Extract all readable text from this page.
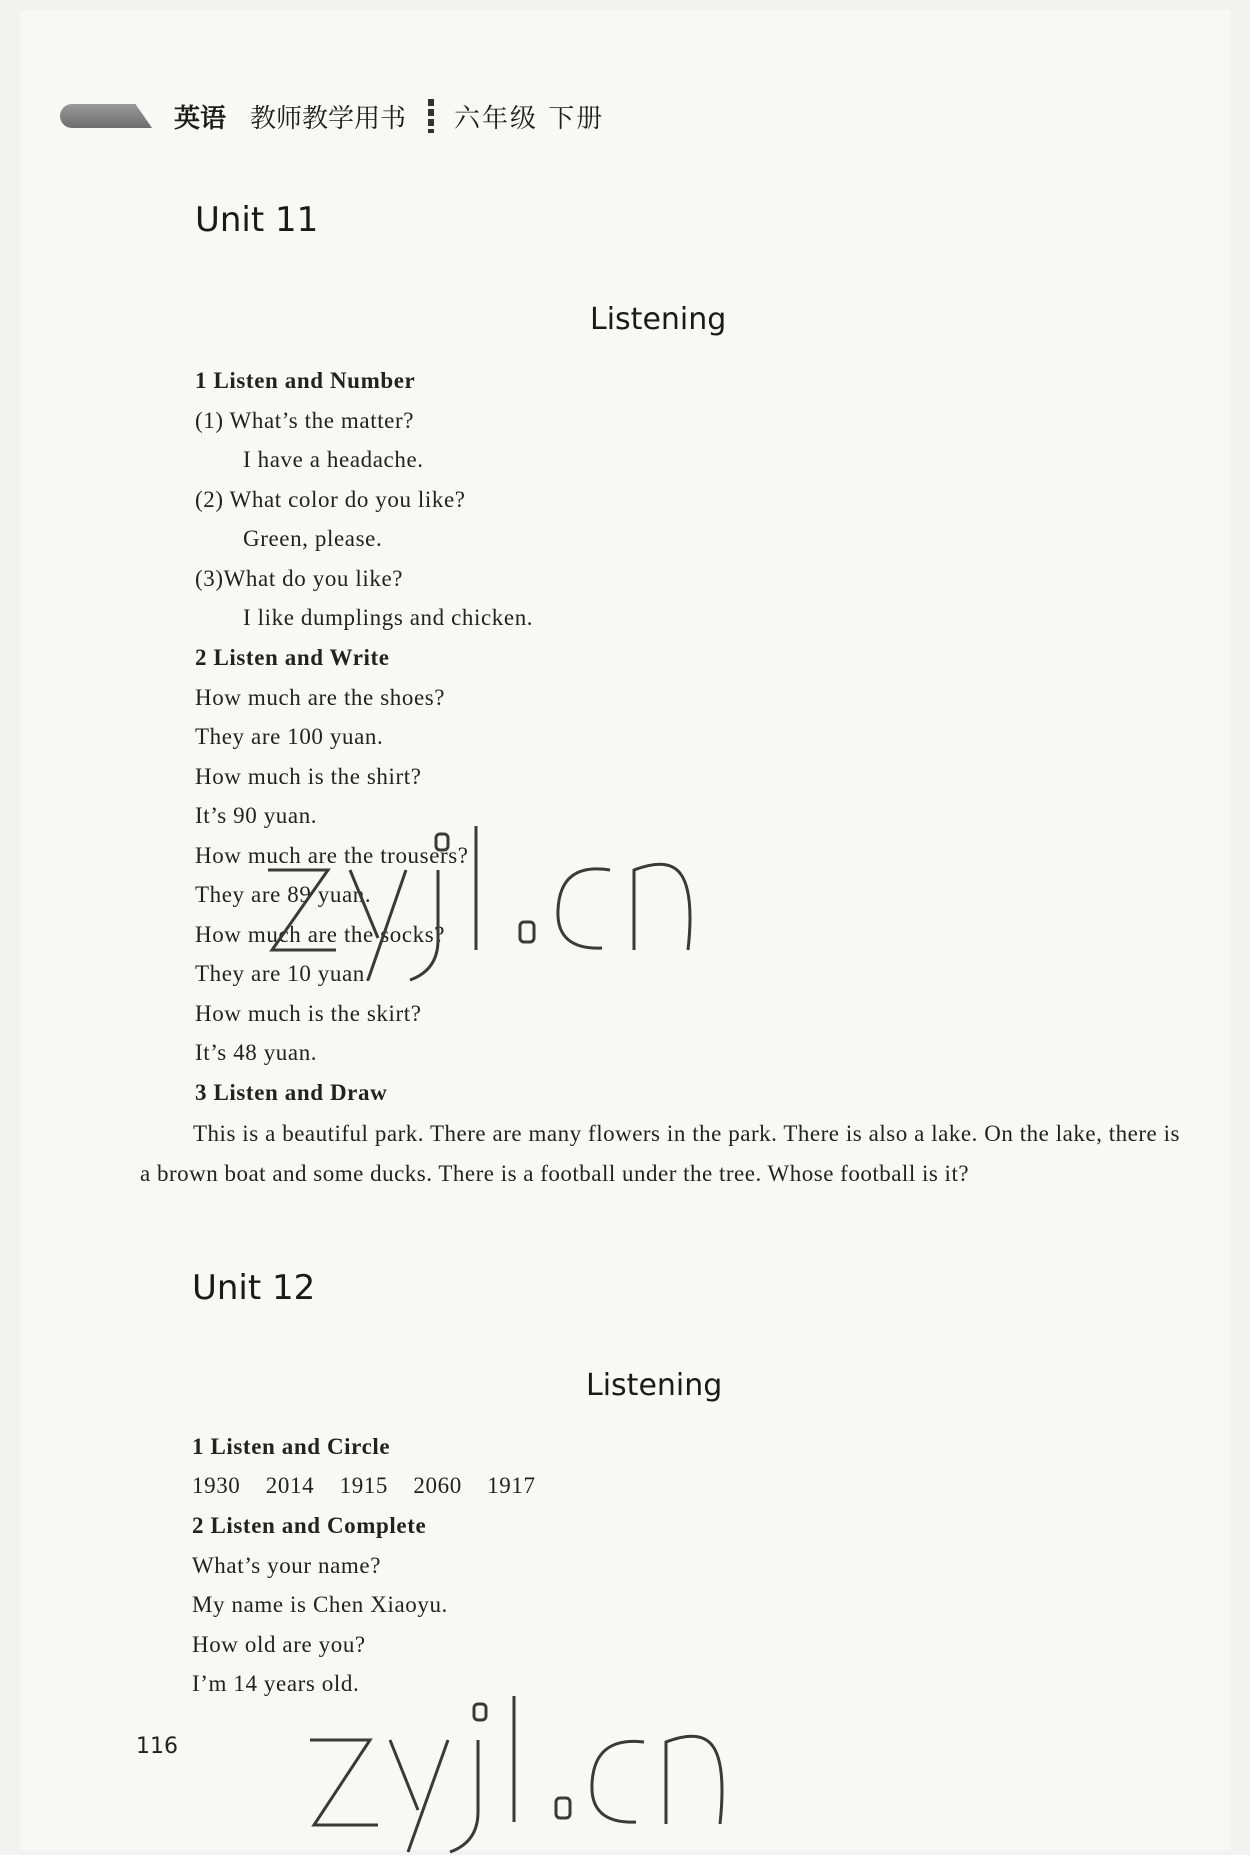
英语 教师教学用书 六年级 下册
Unit 11
Listening
1 Listen and Number
(1) What’s the matter?
I have a headache.
(2) What color do you like?
Green, please.
(3)What do you like?
I like dumplings and chicken.
2 Listen and Write
How much are the shoes?
They are 100 yuan.
How much is the shirt?
It’s 90 yuan.
How much are the trousers?
They are 89 yuan.
How much are the socks?
They are 10 yuan.
How much is the skirt?
It’s 48 yuan.
3 Listen and Draw
This is a beautiful park. There are many flowers in the park. There is also a lake. On the lake, there is a brown boat and some ducks. There is a football under the tree. Whose football is it?
Unit 12
Listening
1 Listen and Circle
1930    2014    1915    2060    1917
2 Listen and Complete
What’s your name?
My name is Chen Xiaoyu.
How old are you?
I’m 14 years old.
116
